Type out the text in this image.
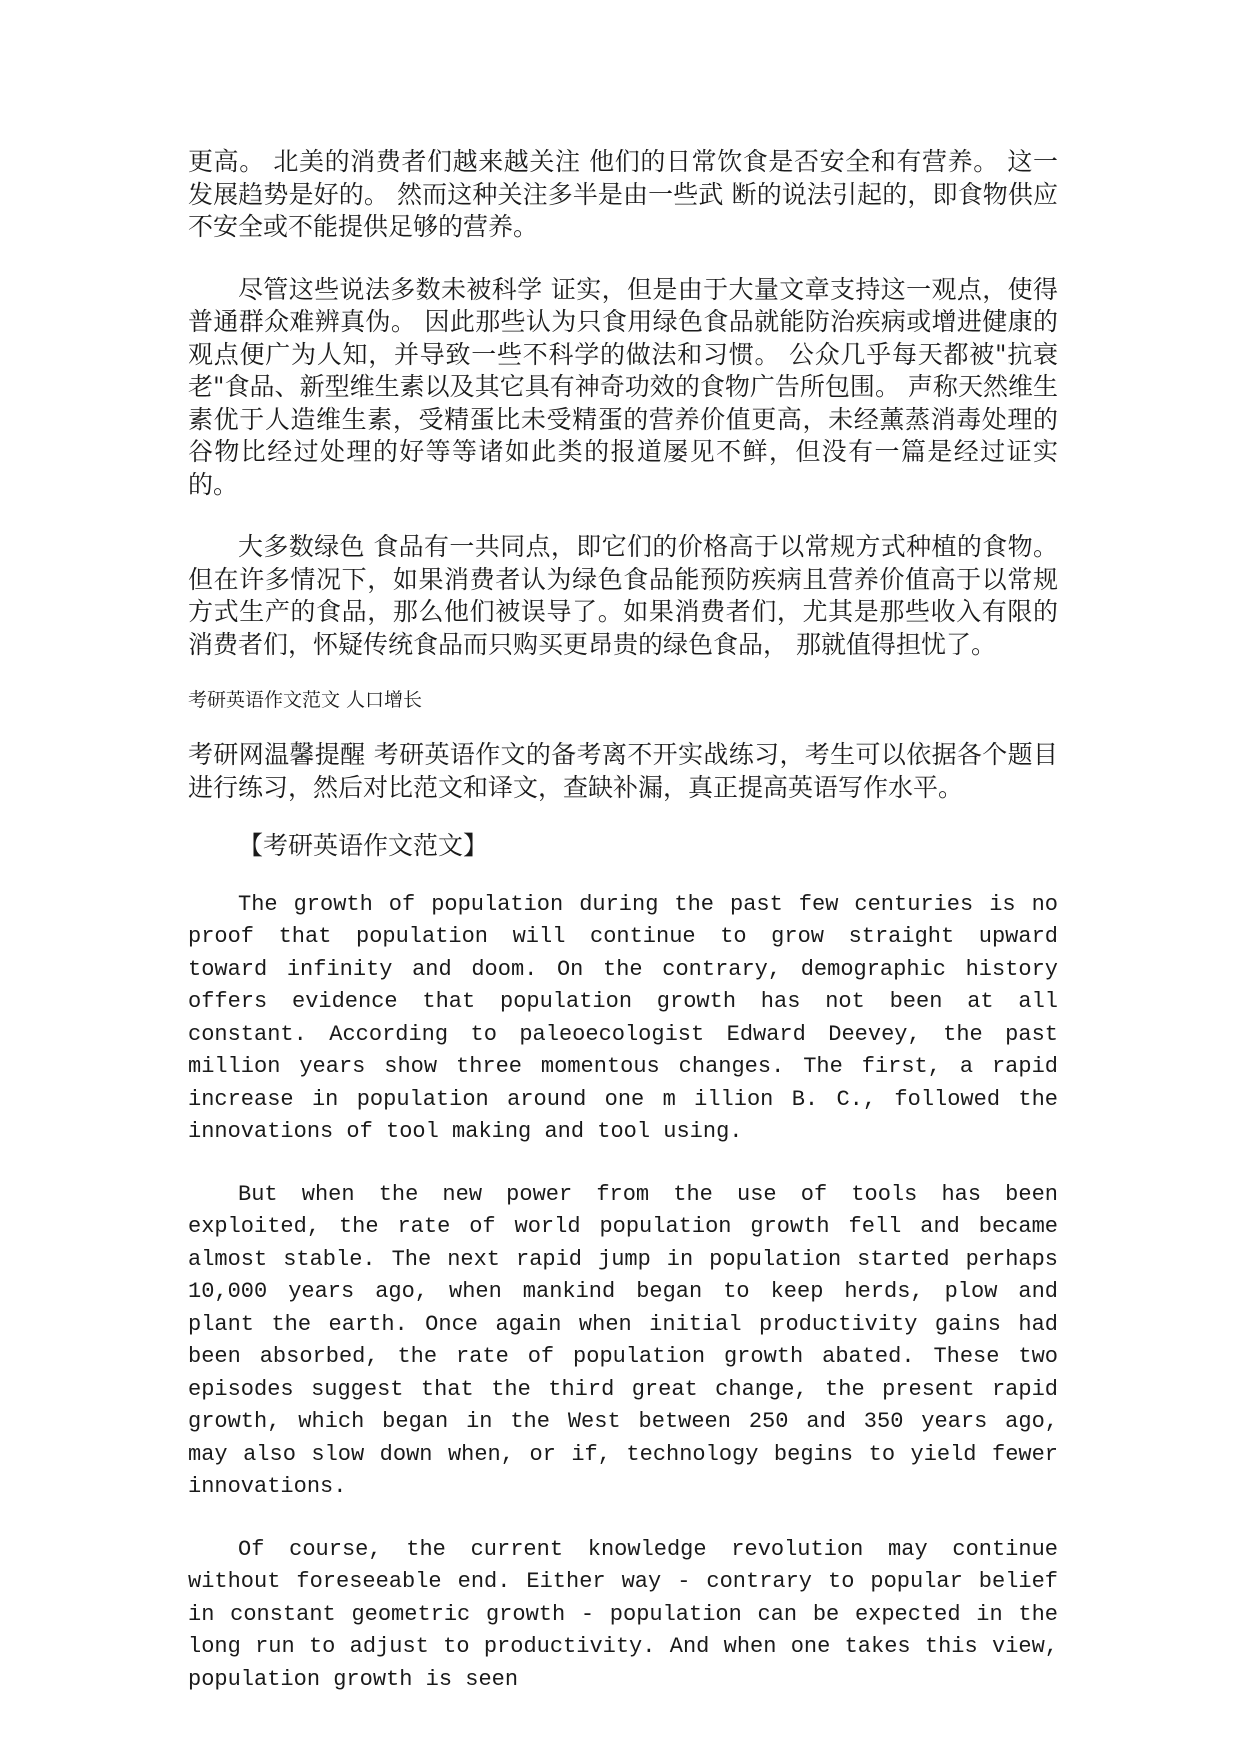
更高。 北美的消费者们越来越关注 他们的日常饮食是否安全和有营养。 这一发展趋势是好的。 然而这种关注多半是由一些武 断的说法引起的，即食物供应不安全或不能提供足够的营养。

尽管这些说法多数未被科学 证实，但是由于大量文章支持这一观点，使得普通群众难辨真伪。 因此那些认为只食用绿色食品就能防治疾病或增进健康的观点便广为人知，并导致一些不科学的做法和习惯。 公众几乎每天都被"抗衰老"食品、新型维生素以及其它具有神奇功效的食物广告所包围。 声称天然维生素优于人造维生素，受精蛋比未受精蛋的营养价值更高，未经薰蒸消毒处理的谷物比经过处理的好等等诸如此类的报道屡见不鲜，但没有一篇是经过证实的。

大多数绿色 食品有一共同点，即它们的价格高于以常规方式种植的食物。但在许多情况下，如果消费者认为绿色食品能预防疾病且营养价值高于以常规方式生产的食品，那么他们被误导了。如果消费者们，尤其是那些收入有限的消费者们，怀疑传统食品而只购买更昂贵的绿色食品， 那就值得担忧了。

考研英语作文范文 人口增长

考研网温馨提醒 考研英语作文的备考离不开实战练习，考生可以依据各个题目进行练习，然后对比范文和译文，查缺补漏，真正提高英语写作水平。

【考研英语作文范文】

The growth of population during the past few centuries is no proof that population will continue to grow straight upward toward infinity and doom. On the contrary, demographic history offers evidence that population growth has not been at all constant. According to paleoecologist Edward Deevey, the past million years show three momentous changes. The first, a rapid increase in population around one m illion B. C., followed the innovations of tool making and tool using.

But when the new power from the use of tools has been exploited, the rate of world population growth fell and became almost stable. The next rapid jump in population started perhaps 10,000 years ago, when mankind began to keep herds, plow and plant the earth. Once again when initial productivity gains had been absorbed, the rate of population growth abated. These two episodes suggest that the third great change, the present rapid growth, which began in the West between 250 and 350 years ago, may also slow down when, or if, technology begins to yield fewer innovations.

Of course, the current knowledge revolution may continue without foreseeable end. Either way - contrary to popular belief in constant geometric growth - population can be expected in the long run to adjust to productivity. And when one takes this view, population growth is seen
